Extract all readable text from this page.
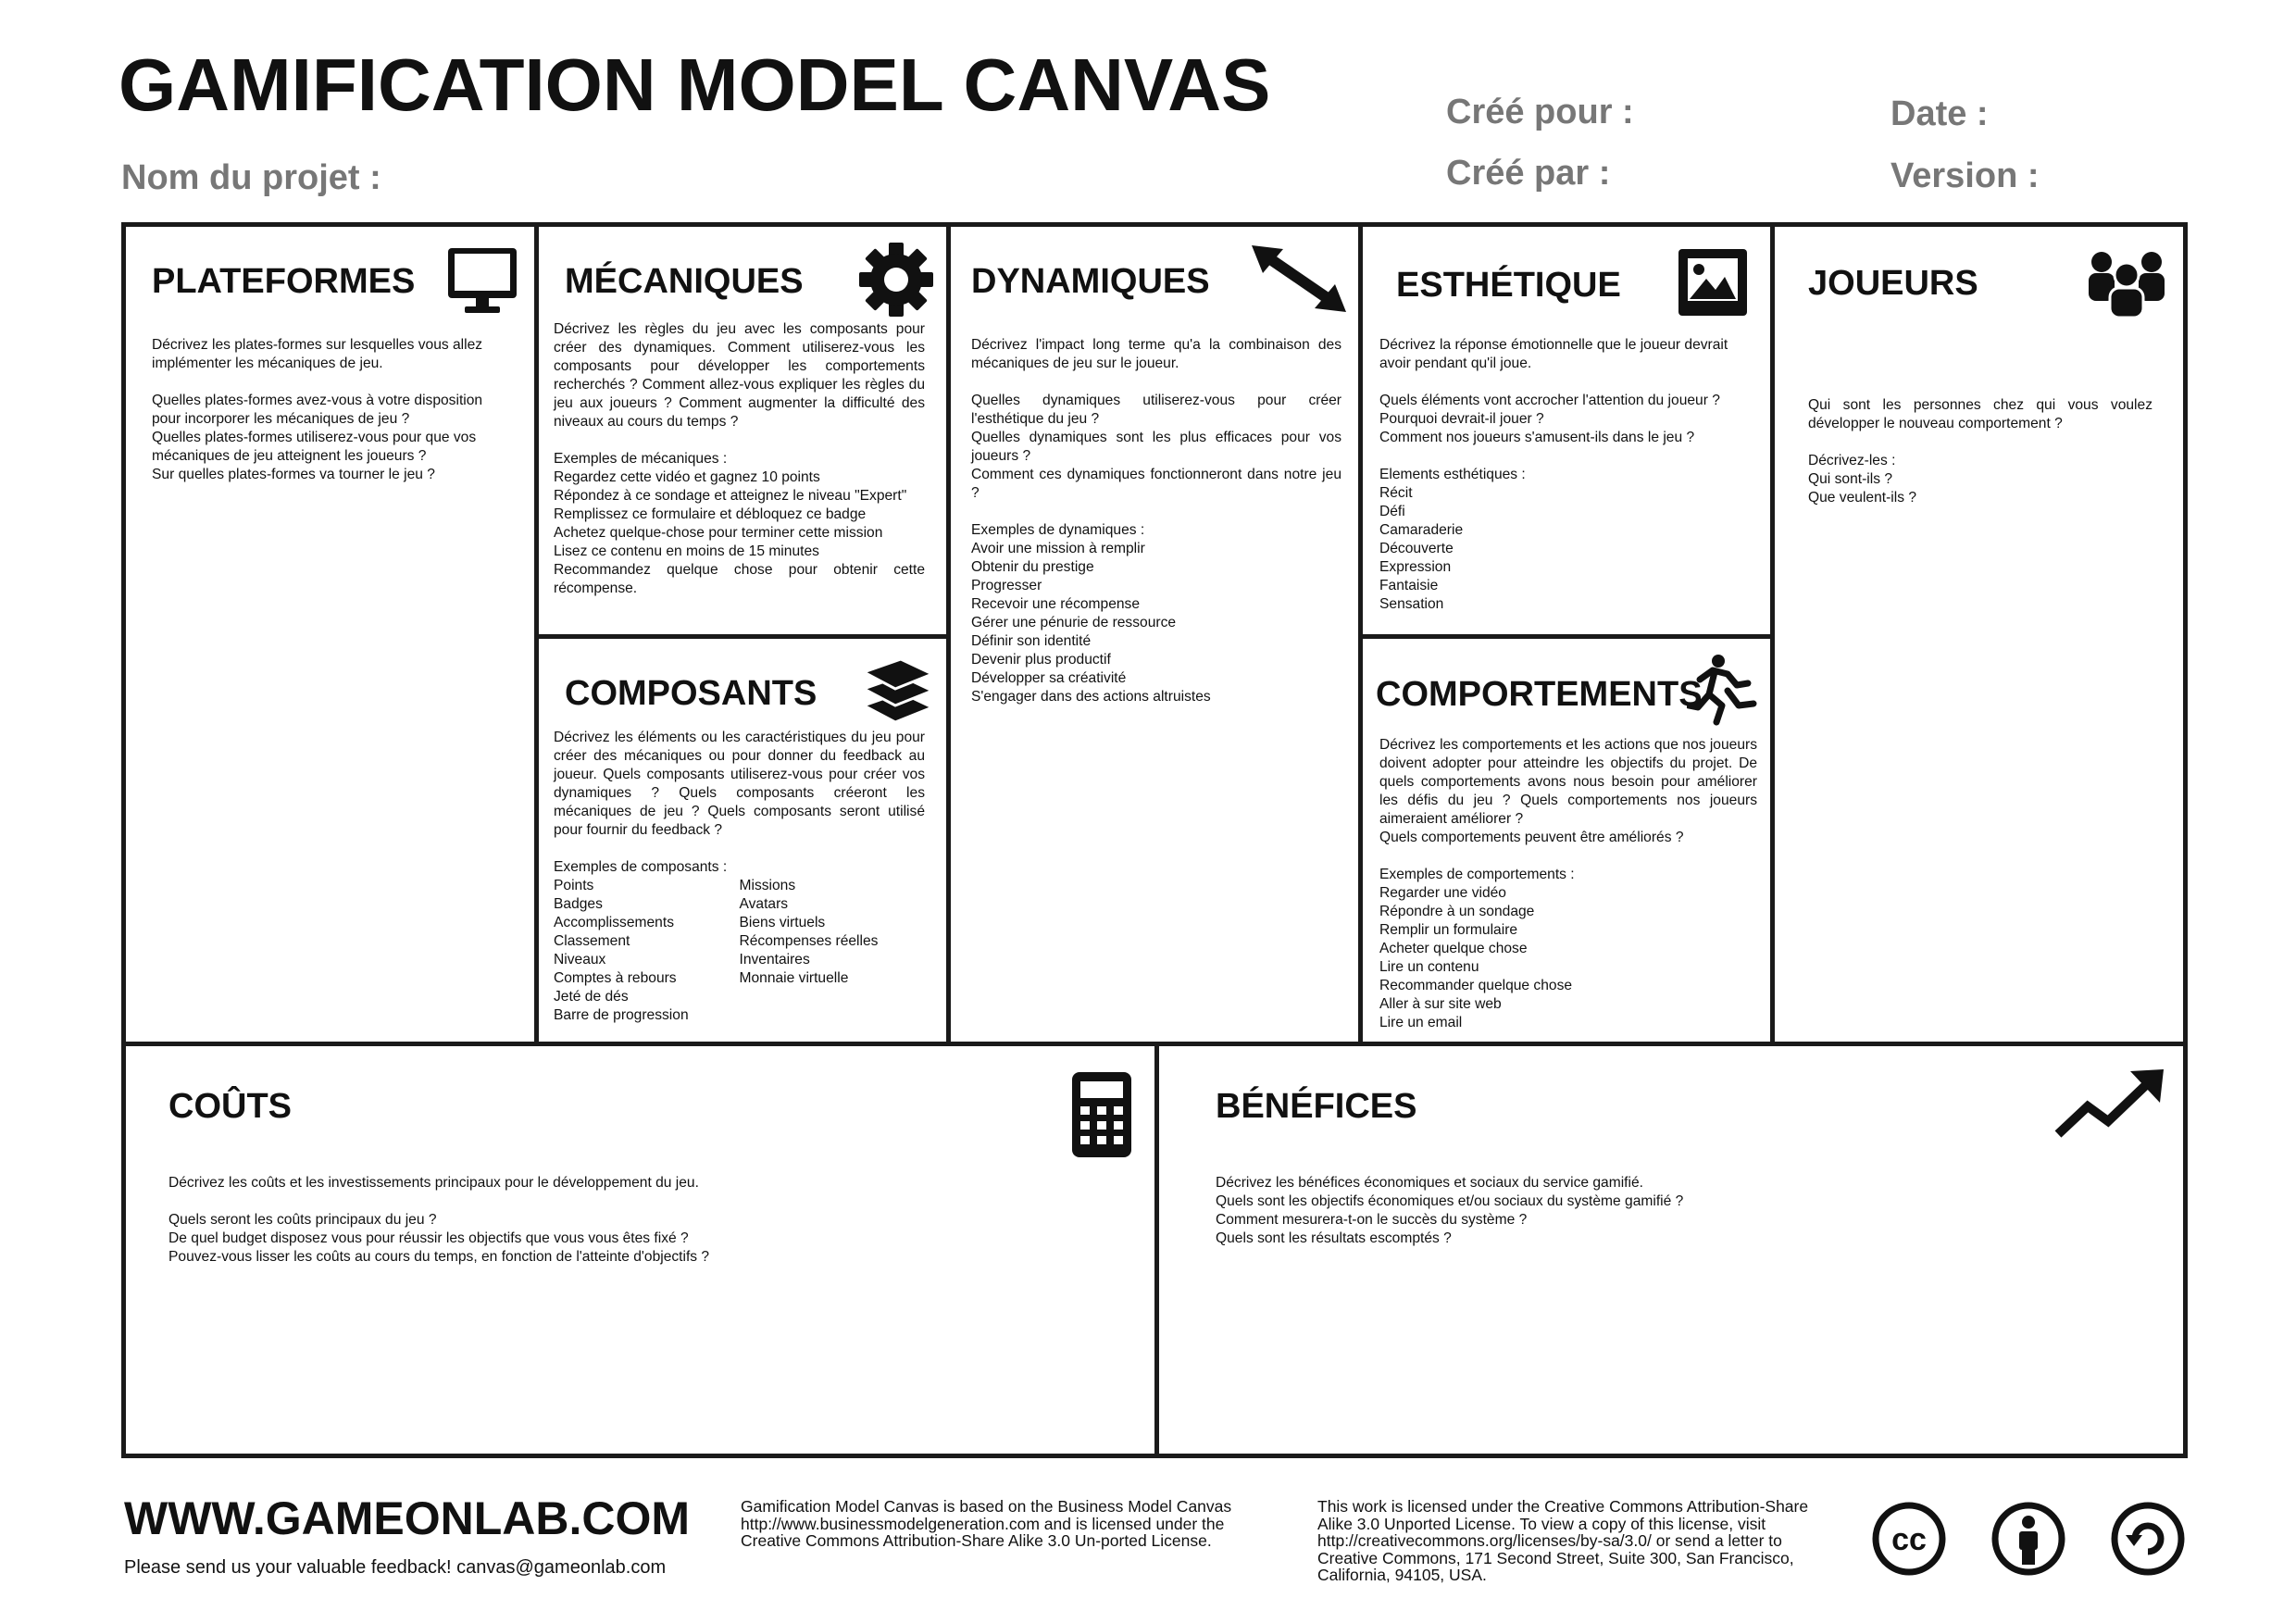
GAMIFICATION MODEL CANVAS
Nom du projet :
Créé pour :
Créé par :
Date :
Version :
PLATEFORMES

Décrivez les plates-formes sur lesquelles vous allez implémenter les mécaniques de jeu.

Quelles plates-formes avez-vous à votre disposition pour incorporer les mécaniques de jeu ?

Quelles plates-formes utiliserez-vous pour que vos mécaniques de jeu atteignent les joueurs ?

Sur quelles plates-formes va tourner le jeu ?

MÉCANIQUES

Décrivez les règles du jeu avec les composants pour créer des dynamiques. Comment utiliserez-vous les composants pour développer les comportements recherchés ? Comment allez-vous expliquer les règles du jeu aux joueurs ? Comment augmenter la difficulté des niveaux au cours du temps ?

Exemples de mécaniques :

Regardez cette vidéo et gagnez 10 points

Répondez à ce sondage et atteignez le niveau "Expert"

Remplissez ce formulaire et débloquez ce badge

Achetez quelque-chose pour terminer cette mission

Lisez ce contenu en moins de 15 minutes

Recommandez quelque chose pour obtenir cette récompense.

COMPOSANTS

Décrivez les éléments ou les caractéristiques du jeu pour créer des mécaniques ou pour donner du feedback au joueur. Quels composants utiliserez-vous pour créer vos dynamiques ? Quels composants créeront les mécaniques de jeu ? Quels composants seront utilisé pour fournir du feedback ?

Exemples de composants :

Points

Badges

Accomplissements

Classement

Niveaux

Comptes à rebours

Jeté de dés

Barre de progression

Missions

Avatars

Biens virtuels

Récompenses réelles

Inventaires

Monnaie virtuelle

DYNAMIQUES

Décrivez l'impact long terme qu'a la combinaison des mécaniques de jeu sur le joueur.

Quelles dynamiques utiliserez-vous pour créer l'esthétique du jeu ?

Quelles dynamiques sont les plus efficaces pour vos joueurs ?

Comment ces dynamiques fonctionneront dans notre jeu ?

Exemples de dynamiques :

Avoir une mission à remplir

Obtenir du prestige

Progresser

Recevoir une récompense

Gérer une pénurie de ressource

Définir son identité

Devenir plus productif

Développer sa créativité

S'engager dans des actions altruistes

ESTHÉTIQUE

Décrivez la réponse émotionnelle que le joueur devrait avoir pendant qu'il joue.

Quels éléments vont accrocher l'attention du joueur ?

Pourquoi devrait-il jouer ?

Comment nos joueurs s'amusent-ils dans le jeu ?

Elements esthétiques :

Récit

Défi

Camaraderie

Découverte

Expression

Fantaisie

Sensation

COMPORTEMENTS

Décrivez les comportements et les actions que nos joueurs doivent adopter pour atteindre les objectifs du projet. De quels comportements avons nous besoin pour améliorer les défis du jeu ? Quels comportements nos joueurs aimeraient améliorer ?

Quels comportements peuvent être améliorés ?

Exemples de comportements :

Regarder une vidéo

Répondre à un sondage

Remplir un formulaire

Acheter quelque chose

Lire un contenu

Recommander quelque chose

Aller à sur site web

Lire un email

JOUEURS

Qui sont les personnes chez qui vous voulez développer le nouveau comportement ?

Décrivez-les :

Qui sont-ils ?

Que veulent-ils ?

COÛTS

Décrivez les coûts et les investissements principaux pour le développement du jeu.

Quels seront les coûts principaux du jeu ?

De quel budget disposez vous pour réussir les objectifs que vous vous êtes fixé ?

Pouvez-vous lisser les coûts au cours du temps, en fonction de l'atteinte d'objectifs ?

BÉNÉFICES

Décrivez les bénéfices économiques et sociaux du service gamifié.

Quels sont les objectifs économiques et/ou sociaux du système gamifié ?

Comment mesurera-t-on le succès du système ?

Quels sont les résultats escomptés ?

WWW.GAMEONLAB.COM
Please send us your valuable feedback! canvas@gameonlab.com
Gamification Model Canvas is based on the Business Model Canvas http://www.businessmodelgeneration.com and is licensed under the Creative Commons Attribution-Share Alike 3.0 Un-ported License.
This work is licensed under the Creative Commons Attribution-Share Alike 3.0 Unported License. To view a copy of this license, visit http://creativecommons.org/licenses/by-sa/3.0/ or send a letter to Creative Commons, 171 Second Street, Suite 300, San Francisco, California, 94105, USA.
cc
